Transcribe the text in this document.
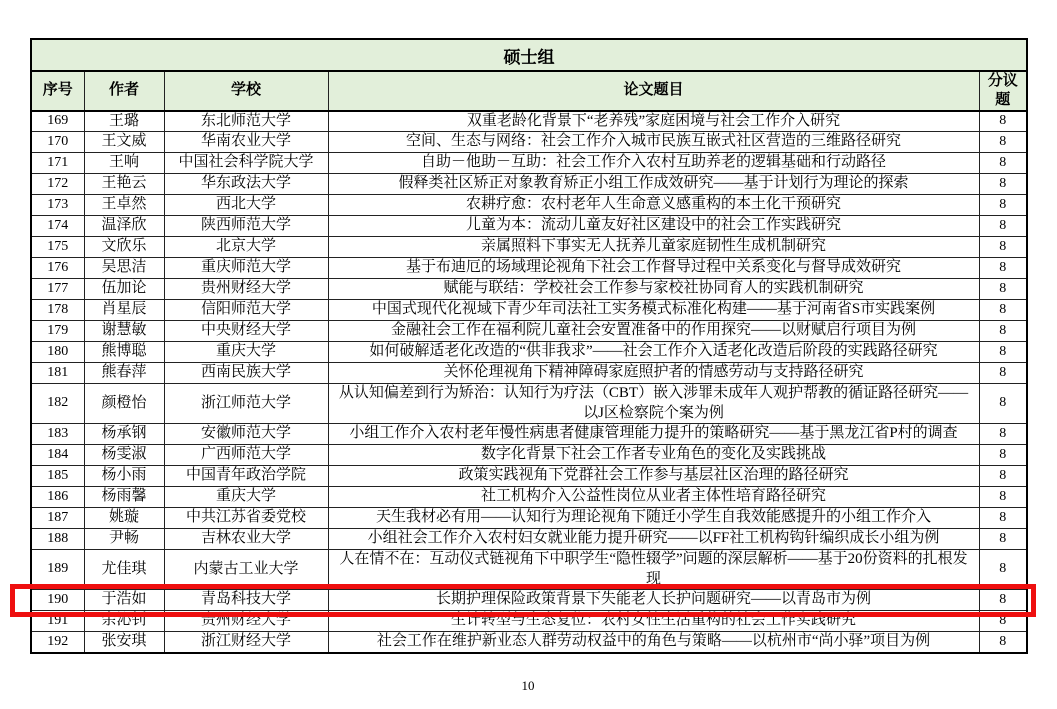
硕士组				
序号	作者	学校	论文题目	分议题
169	王璐	东北师范大学	双重老龄化背景下“老养残”家庭困境与社会工作介入研究	8
170	王文威	华南农业大学	空间、生态与网络：社会工作介入城市民族互嵌式社区营造的三维路径研究	8
171	王响	中国社会科学院大学	自助－他助－互助：社会工作介入农村互助养老的逻辑基础和行动路径	8
172	王艳云	华东政法大学	假释类社区矫正对象教育矫正小组工作成效研究——基于计划行为理论的探索	8
173	王卓然	西北大学	农耕疗愈：农村老年人生命意义感重构的本土化干预研究	8
174	温泽欣	陕西师范大学	儿童为本：流动儿童友好社区建设中的社会工作实践研究	8
175	文欣乐	北京大学	亲属照料下事实无人抚养儿童家庭韧性生成机制研究	8
176	吴思洁	重庆师范大学	基于布迪厄的场域理论视角下社会工作督导过程中关系变化与督导成效研究	8
177	伍加论	贵州财经大学	赋能与联结：学校社会工作参与家校社协同育人的实践机制研究	8
178	肖星辰	信阳师范大学	中国式现代化视域下青少年司法社工实务模式标准化构建——基于河南省S市实践案例	8
179	谢慧敏	中央财经大学	金融社会工作在福利院儿童社会安置准备中的作用探究——以财赋启行项目为例	8
180	熊博聪	重庆大学	如何破解适老化改造的“供非我求”——社会工作介入适老化改造后阶段的实践路径研究	8
181	熊春萍	西南民族大学	关怀伦理视角下精神障碍家庭照护者的情感劳动与支持路径研究	8
182	颜橙怡	浙江师范大学	从认知偏差到行为矫治：认知行为疗法（CBT）嵌入涉罪未成年人观护帮教的循证路径研究——以J区检察院个案为例	8
183	杨承钢	安徽师范大学	小组工作介入农村老年慢性病患者健康管理能力提升的策略研究——基于黑龙江省P村的调查	8
184	杨雯淑	广西师范大学	数字化背景下社会工作者专业角色的变化及实践挑战	8
185	杨小雨	中国青年政治学院	政策实践视角下党群社会工作参与基层社区治理的路径研究	8
186	杨雨馨	重庆大学	社工机构介入公益性岗位从业者主体性培育路径研究	8
187	姚璇	中共江苏省委党校	天生我材必有用——认知行为理论视角下随迁小学生自我效能感提升的小组工作介入	8
188	尹畅	吉林农业大学	小组社会工作介入农村妇女就业能力提升研究——以FF社工机构钩针编织成长小组为例	8
189	尤佳琪	内蒙古工业大学	人在情不在：互动仪式链视角下中职学生“隐性辍学”问题的深层解析——基于20份资料的扎根发现	8
190	于浩如	青岛科技大学	长期护理保险政策背景下失能老人长护问题研究——以青岛市为例	8
191	余沁钊	贵州财经大学	生计转型与生态复位：农村女性生活重构的社会工作实践研究	8
192	张安琪	浙江财经大学	社会工作在维护新业态人群劳动权益中的角色与策略——以杭州市“尚小驿”项目为例	8
10
